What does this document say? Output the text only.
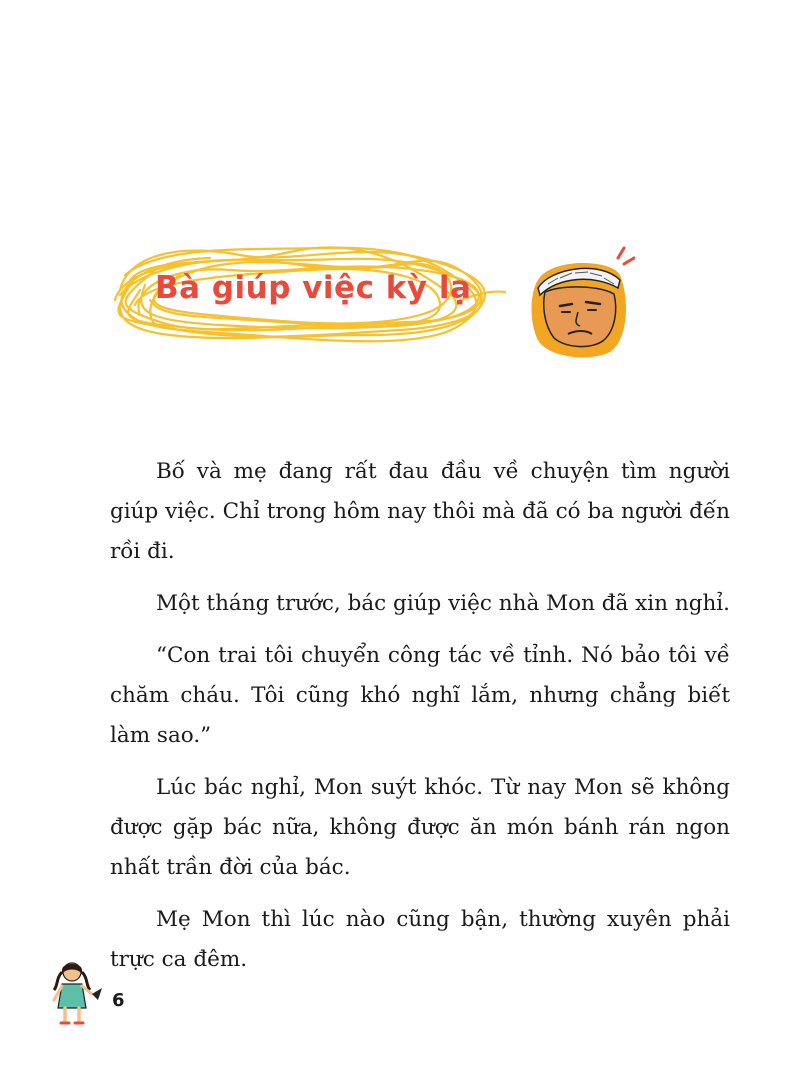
Bà giúp việc kỳ lạ

Bố và mẹ đang rất đau đầu về chuyện tìm người giúp việc. Chỉ trong hôm nay thôi mà đã có ba người đến rồi đi.

Một tháng trước, bác giúp việc nhà Mon đã xin nghỉ.

“Con trai tôi chuyển công tác về tỉnh. Nó bảo tôi về chăm cháu. Tôi cũng khó nghĩ lắm, nhưng chẳng biết làm sao.”

Lúc bác nghỉ, Mon suýt khóc. Từ nay Mon sẽ không được gặp bác nữa, không được ăn món bánh rán ngon nhất trần đời của bác.

Mẹ Mon thì lúc nào cũng bận, thường xuyên phải trực ca đêm.

6
